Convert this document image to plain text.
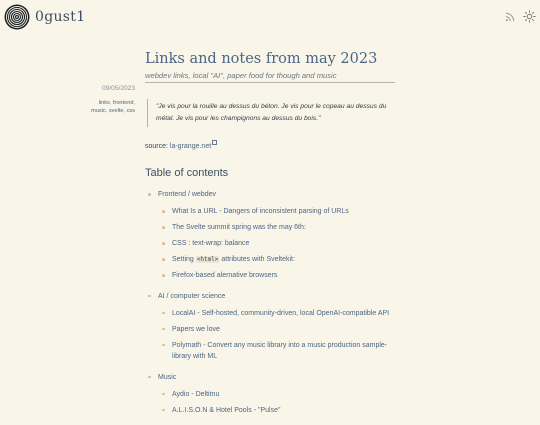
0gust1
09/05/2023
links, frontend,
music, svelte, css
Links and notes from may 2023
webdev links, local "AI", paper food for though and music
"Je vis pour la rouille au dessus du béton. Je vis pour le copeau au dessus du métal. Je vis pour les champignons au dessus du bois."
source: la-grange.net
Table of contents
Frontend / webdev
What Is a URL - Dangers of inconsistent parsing of URLs
The Svelte summit spring was the may 6th:
CSS : text-wrap: balance
Setting <html> attributes with Sveltekit:
Firefox-based alernative browsers
AI / computer science
LocalAI - Self-hosted, community-driven, local OpenAI-compatible API
Papers we love
Polymath - Convert any music library into a music production sample-library with ML
Music
Aydio - Deltitnu
A.L.I.S.O.N & Hotel Pools - "Pulse"
